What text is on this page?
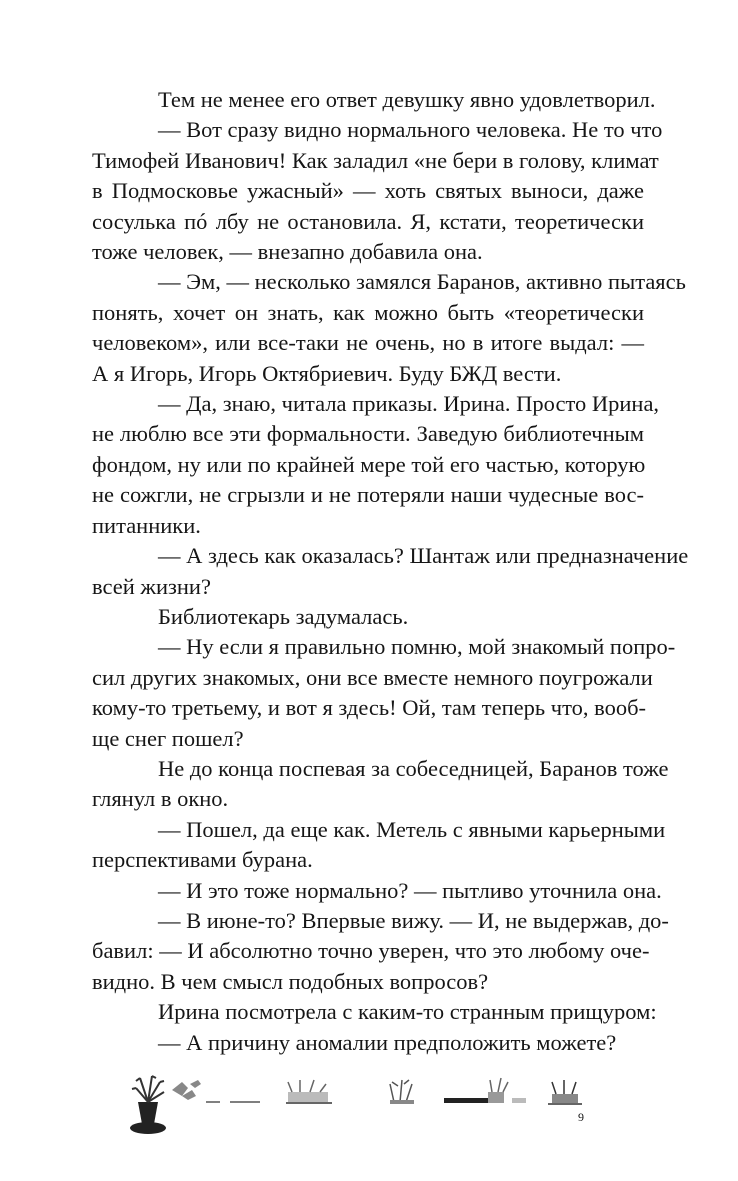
Тем не менее его ответ девушку явно удовлетворил.
— Вот сразу видно нормального человека. Не то что
Тимофей Иванович! Как заладил «не бери в голову, климат
в Подмосковье ужасный» — хоть святых выноси, даже
сосулька пó лбу не остановила. Я, кстати, теоретически
тоже человек, — внезапно добавила она.
— Эм, — несколько замялся Баранов, активно пытаясь
понять, хочет он знать, как можно быть «теоретически
человеком», или все-таки не очень, но в итоге выдал: —
А я Игорь, Игорь Октябриевич. Буду БЖД вести.
— Да, знаю, читала приказы. Ирина. Просто Ирина,
не люблю все эти формальности. Заведую библиотечным
фондом, ну или по крайней мере той его частью, которую
не сожгли, не сгрызли и не потеряли наши чудесные вос-
питанники.
— А здесь как оказалась? Шантаж или предназначение
всей жизни?
Библиотекарь задумалась.
— Ну если я правильно помню, мой знакомый попро-
сил других знакомых, они все вместе немного поугрожали
кому-то третьему, и вот я здесь! Ой, там теперь что, вооб-
ще снег пошел?
Не до конца поспевая за собеседницей, Баранов тоже
глянул в окно.
— Пошел, да еще как. Метель с явными карьерными
перспективами бурана.
— И это тоже нормально? — пытливо уточнила она.
— В июне-то? Впервые вижу. — И, не выдержав, до-
бавил: — И абсолютно точно уверен, что это любому оче-
видно. В чем смысл подобных вопросов?
Ирина посмотрела с каким-то странным прищуром:
— А причину аномалии предположить можете?
9
